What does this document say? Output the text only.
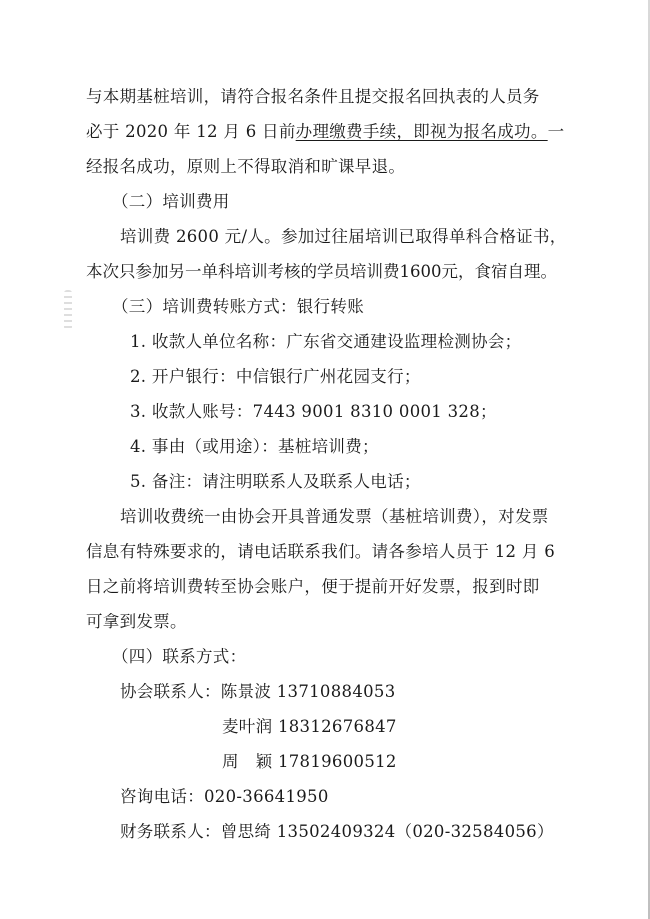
与本期基桩培训，请符合报名条件且提交报名回执表的人员务
必于 2020 年 12 月 6 日前办理缴费手续，即视为报名成功。一
经报名成功，原则上不得取消和旷课早退。
（二）培训费用
培训费 2600 元/人。参加过往届培训已取得单科合格证书，
本次只参加另一单科培训考核的学员培训费1600元，食宿自理。
（三）培训费转账方式：银行转账
1. 收款人单位名称：广东省交通建设监理检测协会；
2. 开户银行：中信银行广州花园支行；
3. 收款人账号：7443 9001 8310 0001 328；
4. 事由（或用途）：基桩培训费；
5. 备注：请注明联系人及联系人电话；
培训收费统一由协会开具普通发票（基桩培训费），对发票
信息有特殊要求的，请电话联系我们。请各参培人员于 12 月 6
日之前将培训费转至协会账户，便于提前开好发票，报到时即
可拿到发票。
（四）联系方式：
协会联系人：陈景波 13710884053
麦叶润 18312676847
周　颖 17819600512
咨询电话：020-36641950
财务联系人：曾思绮 13502409324（020-32584056）
